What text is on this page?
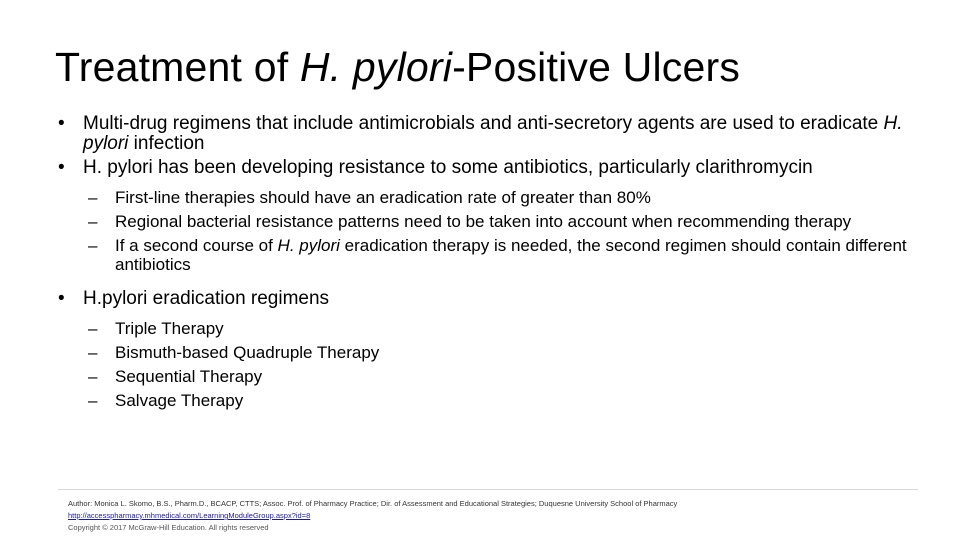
Treatment of H. pylori-Positive Ulcers
• Multi-drug regimens that include antimicrobials and anti-secretory agents are used to eradicate H. pylori infection
• H. pylori has been developing resistance to some antibiotics, particularly clarithromycin
– First-line therapies should have an eradication rate of greater than 80%
– Regional bacterial resistance patterns need to be taken into account when recommending therapy
– If a second course of H. pylori eradication therapy is needed, the second regimen should contain different antibiotics
• H.pylori eradication regimens
– Triple Therapy
– Bismuth-based Quadruple Therapy
– Sequential Therapy
– Salvage Therapy
Author: Monica L. Skomo, B.S., Pharm.D., BCACP, CTTS; Assoc. Prof. of Pharmacy Practice; Dir. of Assessment and Educational Strategies; Duquesne University School of Pharmacy
http://accesspharmacy.mhmedical.com/LearningModuleGroup.aspx?id=8
Copyright © 2017 McGraw-Hill Education. All rights reserved
